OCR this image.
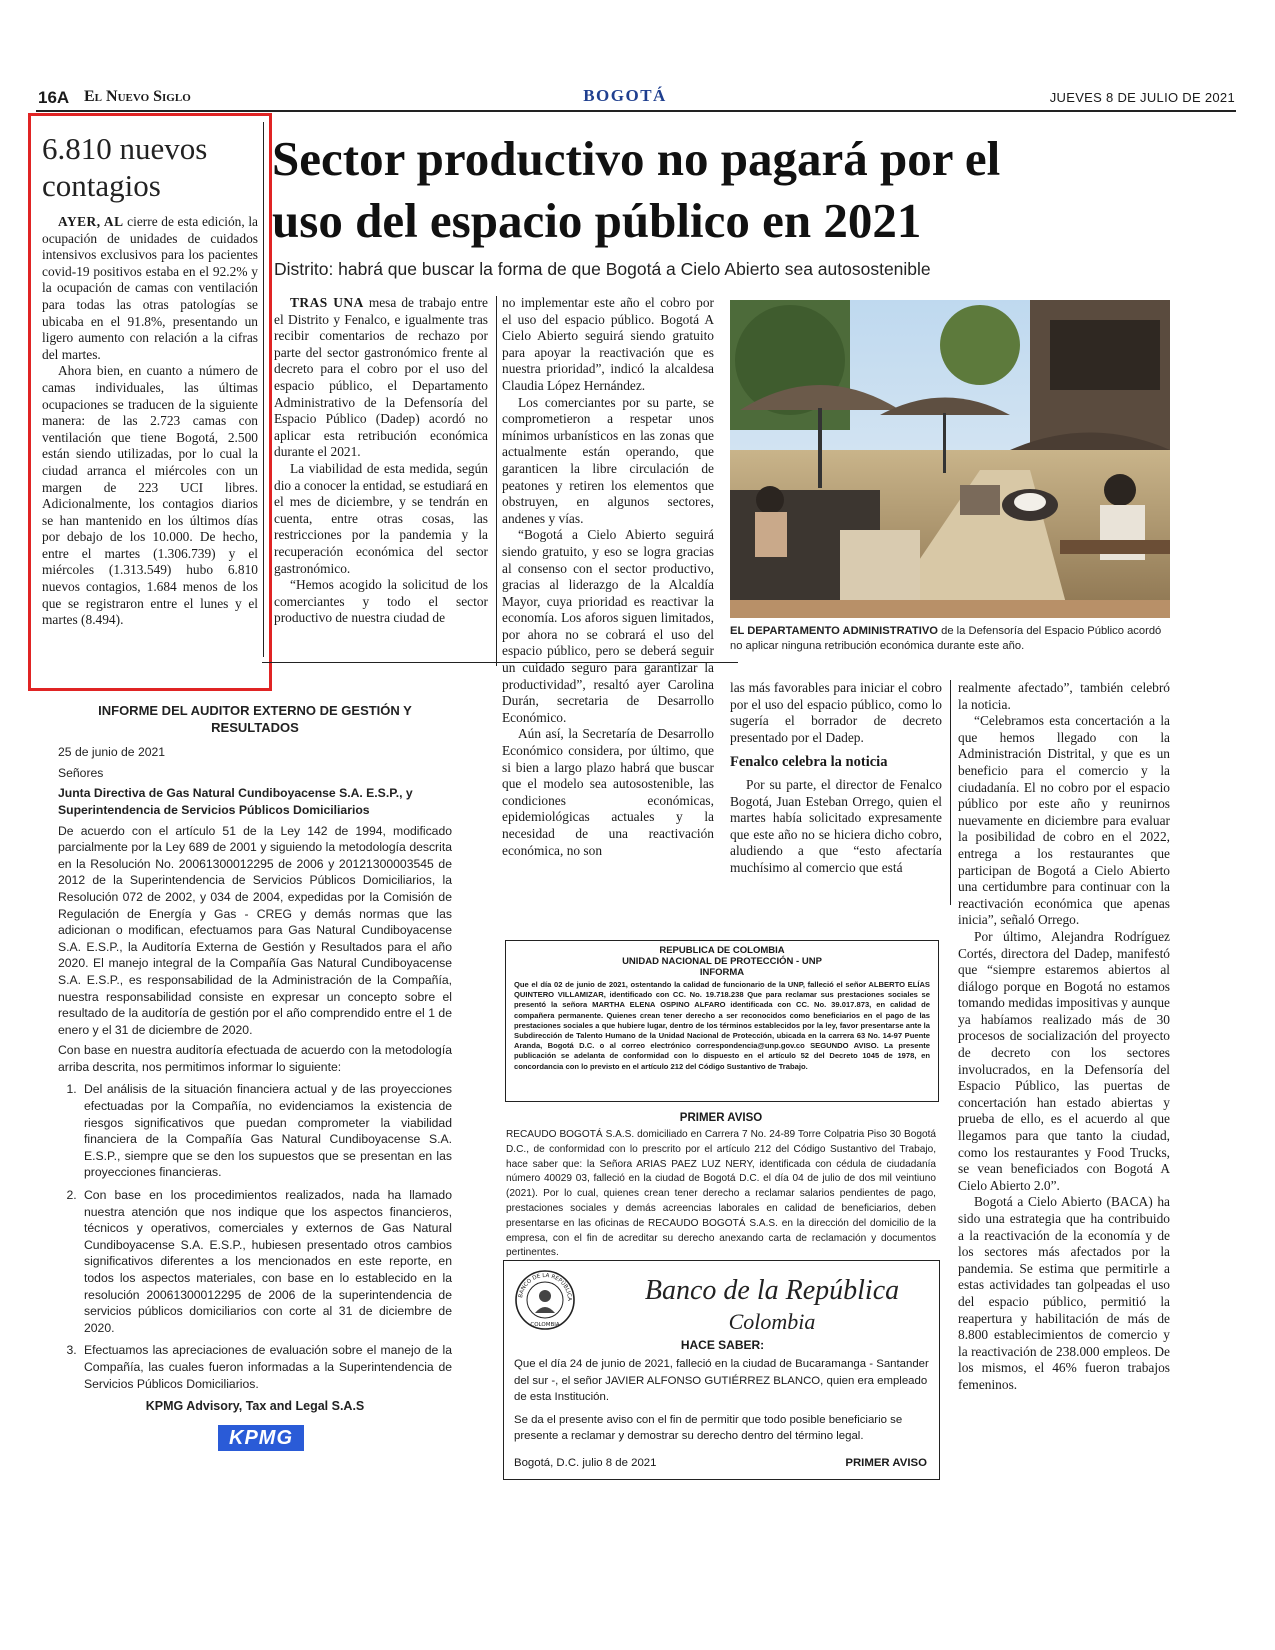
16A El Nuevo Siglo	BOGOTÁ	JUEVES 8 DE JULIO DE 2021
6.810 nuevos contagios

AYER, AL cierre de esta edición, la ocupación de unidades de cuidados intensivos exclusivos para los pacientes covid-19 positivos estaba en el 92.2% y la ocupación de camas con ventilación para todas las otras patologías se ubicaba en el 91.8%, presentando un ligero aumento con relación a la cifras del martes.

Ahora bien, en cuanto a número de camas individuales, las últimas ocupaciones se traducen de la siguiente manera: de las 2.723 camas con ventilación que tiene Bogotá, 2.500 están siendo utilizadas, por lo cual la ciudad arranca el miércoles con un margen de 223 UCI libres. Adicionalmente, los contagios diarios se han mantenido en los últimos días por debajo de los 10.000. De hecho, entre el martes (1.306.739) y el miércoles (1.313.549) hubo 6.810 nuevos contagios, 1.684 menos de los que se registraron entre el lunes y el martes (8.494).

Sector productivo no pagará por el uso del espacio público en 2021
Distrito: habrá que buscar la forma de que Bogotá a Cielo Abierto sea autosostenible

TRAS UNA mesa de trabajo entre el Distrito y Fenalco, e igualmente tras recibir comentarios de rechazo por parte del sector gastronómico frente al decreto para el cobro por el uso del espacio público, el Departamento Administrativo de la Defensoría del Espacio Público (Dadep) acordó no aplicar esta retribución económica durante el 2021.

La viabilidad de esta medida, según dio a conocer la entidad, se estudiará en el mes de diciembre, y se tendrán en cuenta, entre otras cosas, las restricciones por la pandemia y la recuperación económica del sector gastronómico.

“Hemos acogido la solicitud de los comerciantes y todo el sector productivo de nuestra ciudad de

no implementar este año el cobro por el uso del espacio público. Bogotá A Cielo Abierto seguirá siendo gratuito para apoyar la reactivación que es nuestra prioridad”, indicó la alcaldesa Claudia López Hernández.

Los comerciantes por su parte, se comprometieron a respetar unos mínimos urbanísticos en las zonas que actualmente están operando, que garanticen la libre circulación de peatones y retiren los elementos que obstruyen, en algunos sectores, andenes y vías.

“Bogotá a Cielo Abierto seguirá siendo gratuito, y eso se logra gracias al consenso con el sector productivo, gracias al liderazgo de la Alcaldía Mayor, cuya prioridad es reactivar la economía. Los aforos siguen limitados, por ahora no se cobrará el uso del espacio público, pero se deberá seguir un cuidado seguro para garantizar la productividad”, resaltó ayer Carolina Durán, secretaria de Desarrollo Económico.

Aún así, la Secretaría de Desarrollo Económico considera, por último, que si bien a largo plazo habrá que buscar que el modelo sea autosostenible, las condiciones económicas, epidemiológicas actuales y la necesidad de una reactivación económica, no son

EL DEPARTAMENTO ADMINISTRATIVO de la Defensoría del Espacio Público acordó no aplicar ninguna retribución económica durante este año.

las más favorables para iniciar el cobro por el uso del espacio público, como lo sugería el borrador de decreto presentado por el Dadep.

Fenalco celebra la noticia

Por su parte, el director de Fenalco Bogotá, Juan Esteban Orrego, quien el martes había solicitado expresamente que este año no se hiciera dicho cobro, aludiendo a que “esto afectaría muchísimo al comercio que está

realmente afectado”, también celebró la noticia.

“Celebramos esta concertación a la que hemos llegado con la Administración Distrital, y que es un beneficio para el comercio y la ciudadanía. El no cobro por el espacio público por este año y reunirnos nuevamente en diciembre para evaluar la posibilidad de cobro en el 2022, entrega a los restaurantes que participan de Bogotá a Cielo Abierto una certidumbre para continuar con la reactivación económica que apenas inicia”, señaló Orrego.

Por último, Alejandra Rodríguez Cortés, directora del Dadep, manifestó que “siempre estaremos abiertos al diálogo porque en Bogotá no estamos tomando medidas impositivas y aunque ya habíamos realizado más de 30 procesos de socialización del proyecto de decreto con los sectores involucrados, en la Defensoría del Espacio Público, las puertas de concertación han estado abiertas y prueba de ello, es el acuerdo al que llegamos para que tanto la ciudad, como los restaurantes y Food Trucks, se vean beneficiados con Bogotá A Cielo Abierto 2.0”.

Bogotá a Cielo Abierto (BACA) ha sido una estrategia que ha contribuido a la reactivación de la economía y de los sectores más afectados por la pandemia. Se estima que permitirle a estas actividades tan golpeadas el uso del espacio público, permitió la reapertura y habilitación de más de 8.800 establecimientos de comercio y la reactivación de 238.000 empleos. De los mismos, el 46% fueron trabajos femeninos.

INFORME DEL AUDITOR EXTERNO DE GESTIÓN Y RESULTADOS

25 de junio de 2021

Señores

Junta Directiva de Gas Natural Cundiboyacense S.A. E.S.P., y Superintendencia de Servicios Públicos Domiciliarios

De acuerdo con el artículo 51 de la Ley 142 de 1994, modificado parcialmente por la Ley 689 de 2001 y siguiendo la metodología descrita en la Resolución No. 20061300012295 de 2006 y 20121300003545 de 2012 de la Superintendencia de Servicios Públicos Domiciliarios, la Resolución 072 de 2002, y 034 de 2004, expedidas por la Comisión de Regulación de Energía y Gas - CREG y demás normas que las adicionan o modifican, efectuamos para Gas Natural Cundiboyacense S.A. E.S.P., la Auditoría Externa de Gestión y Resultados para el año 2020. El manejo integral de la Compañía Gas Natural Cundiboyacense S.A. E.S.P., es responsabilidad de la Administración de la Compañía, nuestra responsabilidad consiste en expresar un concepto sobre el resultado de la auditoría de gestión por el año comprendido entre el 1 de enero y el 31 de diciembre de 2020.

Con base en nuestra auditoría efectuada de acuerdo con la metodología arriba descrita, nos permitimos informar lo siguiente:

1. Del análisis de la situación financiera actual y de las proyecciones efectuadas por la Compañía, no evidenciamos la existencia de riesgos significativos que puedan comprometer la viabilidad financiera de la Compañía Gas Natural Cundiboyacense S.A. E.S.P., siempre que se den los supuestos que se presentan en las proyecciones financieras.
2. Con base en los procedimientos realizados, nada ha llamado nuestra atención que nos indique que los aspectos financieros, técnicos y operativos, comerciales y externos de Gas Natural Cundiboyacense S.A. E.S.P., hubiesen presentado otros cambios significativos diferentes a los mencionados en este reporte, en todos los aspectos materiales, con base en lo establecido en la resolución 20061300012295 de 2006 de la superintendencia de servicios públicos domiciliarios con corte al 31 de diciembre de 2020.
3. Efectuamos las apreciaciones de evaluación sobre el manejo de la Compañía, las cuales fueron informadas a la Superintendencia de Servicios Públicos Domiciliarios.
KPMG Advisory, Tax and Legal S.A.S
KPMG
REPUBLICA DE COLOMBIA
UNIDAD NACIONAL DE PROTECCIÓN - UNP
INFORMA
Que el día 02 de junio de 2021, ostentando la calidad de funcionario de la UNP, falleció el señor ALBERTO ELÍAS QUINTERO VILLAMIZAR, identificado con CC. No. 19.718.238 Que para reclamar sus prestaciones sociales se presentó la señora MARTHA ELENA OSPINO ALFARO identificada con CC. No. 39.017.873, en calidad de compañera permanente. Quienes crean tener derecho a ser reconocidos como beneficiarios en el pago de las prestaciones sociales a que hubiere lugar, dentro de los términos establecidos por la ley, favor presentarse ante la Subdirección de Talento Humano de la Unidad Nacional de Protección, ubicada en la carrera 63 No. 14-97 Puente Aranda, Bogotá D.C. o al correo electrónico correspondencia@unp.gov.co SEGUNDO AVISO. La presente publicación se adelanta de conformidad con lo dispuesto en el artículo 52 del Decreto 1045 de 1978, en concordancia con lo previsto en el artículo 212 del Código Sustantivo de Trabajo.
PRIMER AVISO
RECAUDO BOGOTÁ S.A.S. domiciliado en Carrera 7 No. 24-89 Torre Colpatria Piso 30 Bogotá D.C., de conformidad con lo prescrito por el artículo 212 del Código Sustantivo del Trabajo, hace saber que: la Señora ARIAS PAEZ LUZ NERY, identificada con cédula de ciudadanía número 40029 03, falleció en la ciudad de Bogotá D.C. el día 04 de julio de dos mil veintiuno (2021). Por lo cual, quienes crean tener derecho a reclamar salarios pendientes de pago, prestaciones sociales y demás acreencias laborales en calidad de beneficiarios, deben presentarse en las oficinas de RECAUDO BOGOTÁ S.A.S. en la dirección del domicilio de la empresa, con el fin de acreditar su derecho anexando carta de reclamación y documentos pertinentes.
BANCO DE LA REPÚBLICA
COLOMBIA
Banco de la República
Colombia
HACE SABER:

Que el día 24 de junio de 2021, falleció en la ciudad de Bucaramanga - Santander del sur -, el señor JAVIER ALFONSO GUTIÉRREZ BLANCO, quien era empleado de esta Institución.

Se da el presente aviso con el fin de permitir que todo posible beneficiario se presente a reclamar y demostrar su derecho dentro del término legal.

Bogotá, D.C. julio 8 de 2021	PRIMER AVISO
